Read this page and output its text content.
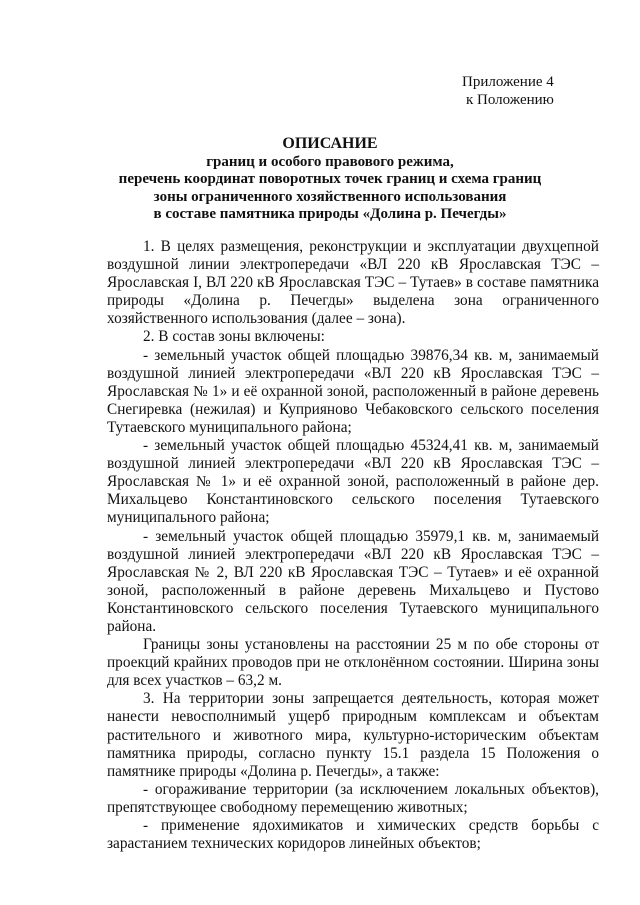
Приложение 4
к Положению
ОПИСАНИЕ
границ и особого правового режима,
перечень координат поворотных точек границ и схема границ
зоны ограниченного хозяйственного использования
в составе памятника природы «Долина р. Печегды»

1. В целях размещения, реконструкции и эксплуатации двухцепной воздушной линии электропередачи «ВЛ 220 кВ Ярославская ТЭС – Ярославская I, ВЛ 220 кВ Ярославская ТЭС – Тутаев» в составе памятника природы «Долина р. Печегды» выделена зона ограниченного хозяйственного использования (далее – зона).

2. В состав зоны включены:

- земельный участок общей площадью 39876,34 кв. м, занимаемый воздушной линией электропередачи «ВЛ 220 кВ Ярославская ТЭС – Ярославская № 1» и её охранной зоной, расположенный в районе деревень Снегиревка (нежилая) и Куприяново Чебаковского сельского поселения Тутаевского муниципального района;

- земельный участок общей площадью 45324,41 кв. м, занимаемый воздушной линией электропередачи «ВЛ 220 кВ Ярославская ТЭС – Ярославская № 1» и её охранной зоной, расположенный в районе дер. Михальцево Константиновского сельского поселения Тутаевского муниципального района;

- земельный участок общей площадью 35979,1 кв. м, занимаемый воздушной линией электропередачи «ВЛ 220 кВ Ярославская ТЭС – Ярославская № 2, ВЛ 220 кВ Ярославская ТЭС – Тутаев» и её охранной зоной, расположенный в районе деревень Михальцево и Пустово Константиновского сельского поселения Тутаевского муниципального района.

Границы зоны установлены на расстоянии 25 м по обе стороны от проекций крайних проводов при не отклонённом состоянии. Ширина зоны для всех участков – 63,2 м.

3. На территории зоны запрещается деятельность, которая может нанести невосполнимый ущерб природным комплексам и объектам растительного и животного мира, культурно-историческим объектам памятника природы, согласно пункту 15.1 раздела 15 Положения о памятнике природы «Долина р. Печегды», а также:

- огораживание территории (за исключением локальных объектов), препятствующее свободному перемещению животных;

- применение ядохимикатов и химических средств борьбы с зарастанием технических коридоров линейных объектов;
